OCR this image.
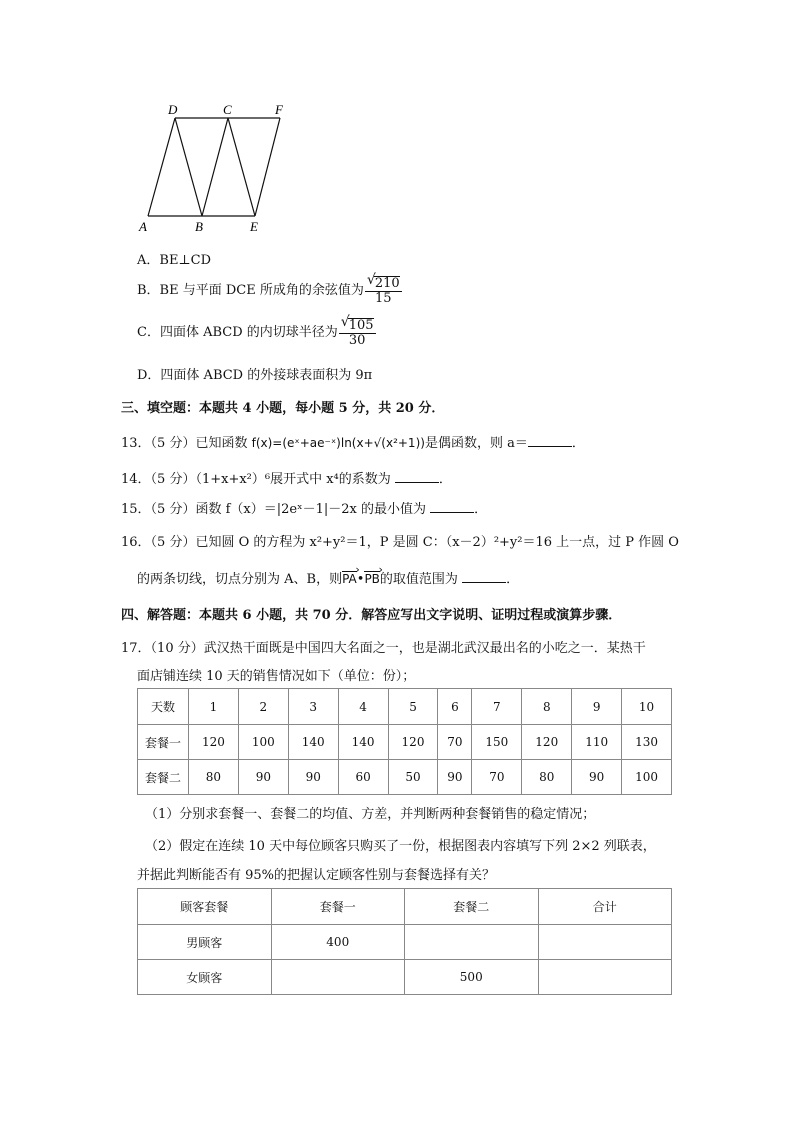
D	C	F
A	B	E
A．BE⊥CD
B．BE 与平面 DCE 所成角的余弦值为 $\frac{√ 210}{15}$
C．四面体 ABCD 的内切球半径为 $\frac{√ 105}{30}$
D．四面体 ABCD 的外接球表面积为 9π
三、填空题：本题共 4 小题，每小题 5 分，共 20 分．
13．（5 分）已知函数 f(x)=(eˣ+ae⁻ˣ)ln(x+√(x²+1))是偶函数，则 a＝	．
14．（5 分）（1+x+x²）⁶展开式中 x⁴的系数为	．
15．（5 分）函数 f（x）＝|2eˣ－1|－2x 的最小值为	．
16．（5 分）已知圆 O 的方程为 x²+y²＝1，P 是圆 C：（x－2）²+y²＝16 上一点，过 P 作圆 O
的两条切线，切点分别为 A、B，则PA ›•PB ›的取值范围为	．
四、解答题：本题共 6 小题，共 70 分．解答应写出文字说明、证明过程或演算步骤．
17．（10 分）武汉热干面既是中国四大名面之一，也是湖北武汉最出名的小吃之一．某热干
面店铺连续 10 天的销售情况如下（单位：份）；
天数	1	2	3	4	5	6	7	8	9	10
套餐一	120	100	140	140	120	70	150	120	110	130
套餐二	80	90	90	60	50	90	70	80	90	100
（1）分别求套餐一、套餐二的均值、方差，并判断两种套餐销售的稳定情况；
（2）假定在连续 10 天中每位顾客只购买了一份，根据图表内容填写下列 2×2 列联表，
并据此判断能否有 95%的把握认定顾客性别与套餐选择有关？
顾客套餐	套餐一	套餐二	合计
男顾客	400		
女顾客		500	
